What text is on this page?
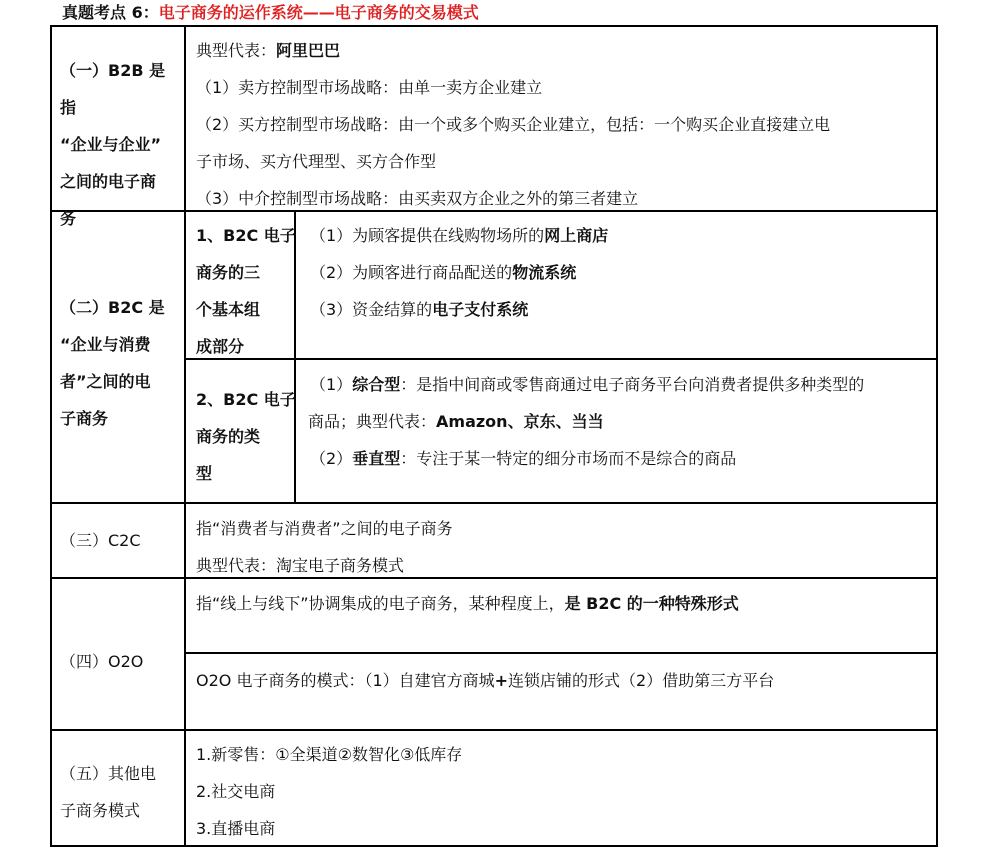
真题考点 6：电子商务的运作系统——电子商务的交易模式
（一）B2B 是指
“企业与企业”
之间的电子商
务
典型代表：阿里巴巴
（1）卖方控制型市场战略：由单一卖方企业建立
（2）买方控制型市场战略：由一个或多个购买企业建立，包括：一个购买企业直接建立电
子市场、买方代理型、买方合作型
（3）中介控制型市场战略：由买卖双方企业之外的第三者建立
（二）B2C 是
“企业与消费
者”之间的电
子商务
1、B2C 电子
商务的三
个基本组
成部分
（1）为顾客提供在线购物场所的网上商店
（2）为顾客进行商品配送的物流系统
（3）资金结算的电子支付系统
2、B2C 电子
商务的类
型
（1）综合型：是指中间商或零售商通过电子商务平台向消费者提供多种类型的
商品；典型代表：Amazon、京东、当当
（2）垂直型：专注于某一特定的细分市场而不是综合的商品
（三）C2C
指“消费者与消费者”之间的电子商务
典型代表：淘宝电子商务模式
（四）O2O
指“线上与线下”协调集成的电子商务，某种程度上，是 B2C 的一种特殊形式
O2O 电子商务的模式：（1）自建官方商城+连锁店铺的形式（2）借助第三方平台
（五）其他电
子商务模式
1.新零售：①全渠道②数智化③低库存
2.社交电商
3.直播电商
